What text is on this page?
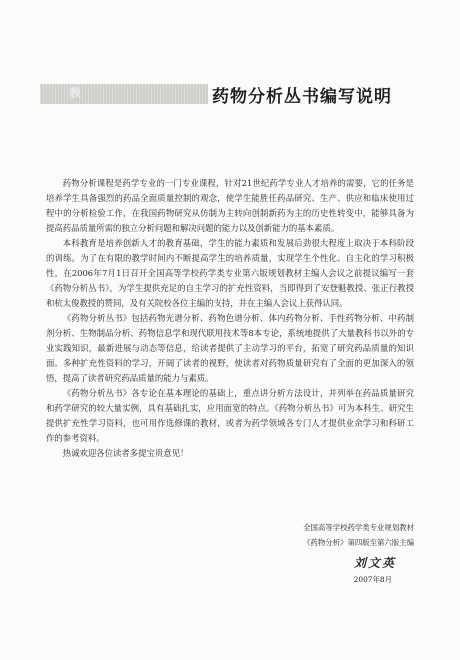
教	药物分析丛书编写说明

药物分析课程是药学专业的一门专业课程，针对21世纪药学专业人才培养的需要，它的任务是培养学生具备强烈的药品全面质量控制的观念，使学生能胜任药品研究、生产、供应和临床使用过程中的分析检验工作，在我国药物研究从仿制为主转向创制新药为主的历史性转变中，能够具备为提高药品质量所需的独立分析问题和解决问题的能力以及创新能力的基本素质。

本科教育是培养创新人才的教育基础，学生的能力素质和发展后劲很大程度上取决于本科阶段的训练。为了在有限的教学时间内不断提高学生的培养质量，实现学生个性化、自主化的学习积极性，在2006年7月1日召开全国高等学校药学类专业第六版规划教材主编人会议之前提议编写一套《药物分析丛书》，为学生提供充足的自主学习的扩充性资料，当即得到了安登魁教授、张正行教授和杭太俊教授的赞同，及有关院校各位主编的支持，并在主编人会议上获得认同。

《药物分析丛书》包括药物光谱分析、药物色谱分析、体内药物分析、手性药物分析、中药制剂分析、生物制品分析、药物信息学和现代联用技术等8本专论，系统地提供了大量教科书以外的专业实践知识，最新进展与动态等信息，给读者提供了主动学习的平台，拓宽了研究药品质量的知识面。多种扩充性资料的学习，开阔了读者的视野，使读者对药物质量研究有了全面的更加深入的领悟，提高了读者研究药品质量的能力与素质。

《药物分析丛书》各专论在基本理论的基础上，重点讲分析方法设计，并列举在药品质量研究和药学研究的较大量实例，具有基础扎实，应用面宽的特点。《药物分析丛书》可为本科生、研究生提供扩充性学习资料，也可用作选修课的教材，或者为药学领域各专门人才提供业余学习和科研工作的参考资料。

热诚欢迎各位读者多提宝贵意见！

全国高等学校药学类专业规划教材
《药物分析》第四版至第六版主编
刘文英
2007年8月
